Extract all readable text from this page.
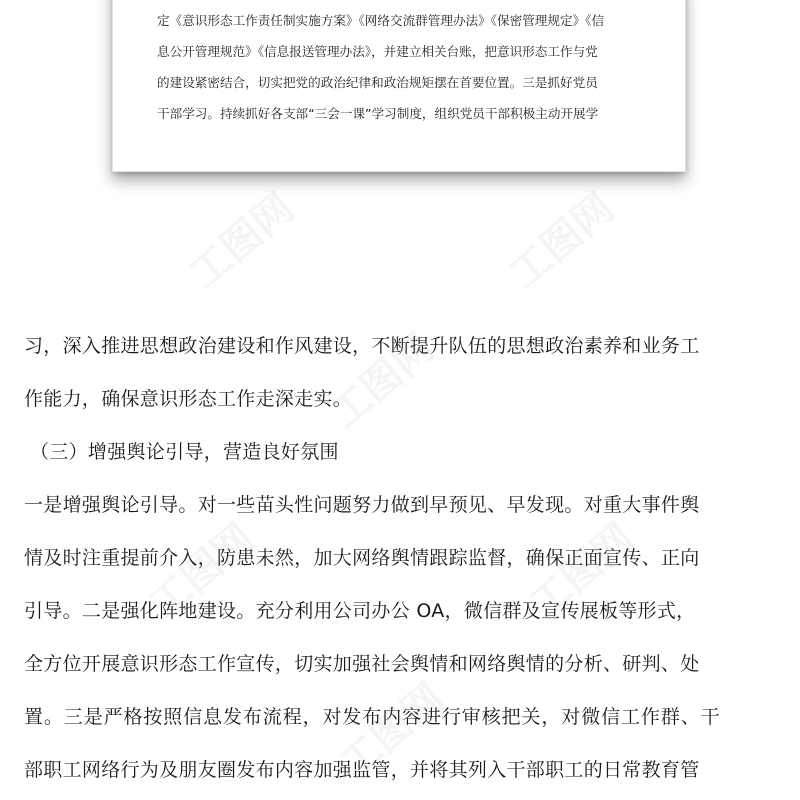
定《意识形态工作责任制实施方案》《网络交流群管理办法》《保密管理规定》《信
息公开管理规范》《信息报送管理办法》，并建立相关台账，把意识形态工作与党
的建设紧密结合，切实把党的政治纪律和政治规矩摆在首要位置。三是抓好党员
干部学习。持续抓好各支部“三会一课”学习制度，组织党员干部积极主动开展学
习，深入推进思想政治建设和作风建设，不断提升队伍的思想政治素养和业务工
作能力，确保意识形态工作走深走实。
（三）增强舆论引导，营造良好氛围
一是增强舆论引导。对一些苗头性问题努力做到早预见、早发现。对重大事件舆
情及时注重提前介入，防患未然，加大网络舆情跟踪监督，确保正面宣传、正向
引导。二是强化阵地建设。充分利用公司办公 OA，微信群及宣传展板等形式，
全方位开展意识形态工作宣传，切实加强社会舆情和网络舆情的分析、研判、处
置。三是严格按照信息发布流程，对发布内容进行审核把关，对微信工作群、干
部职工网络行为及朋友圈发布内容加强监管，并将其列入干部职工的日常教育管
工图网	工图网
工图网
工图网	工图网
工图网
